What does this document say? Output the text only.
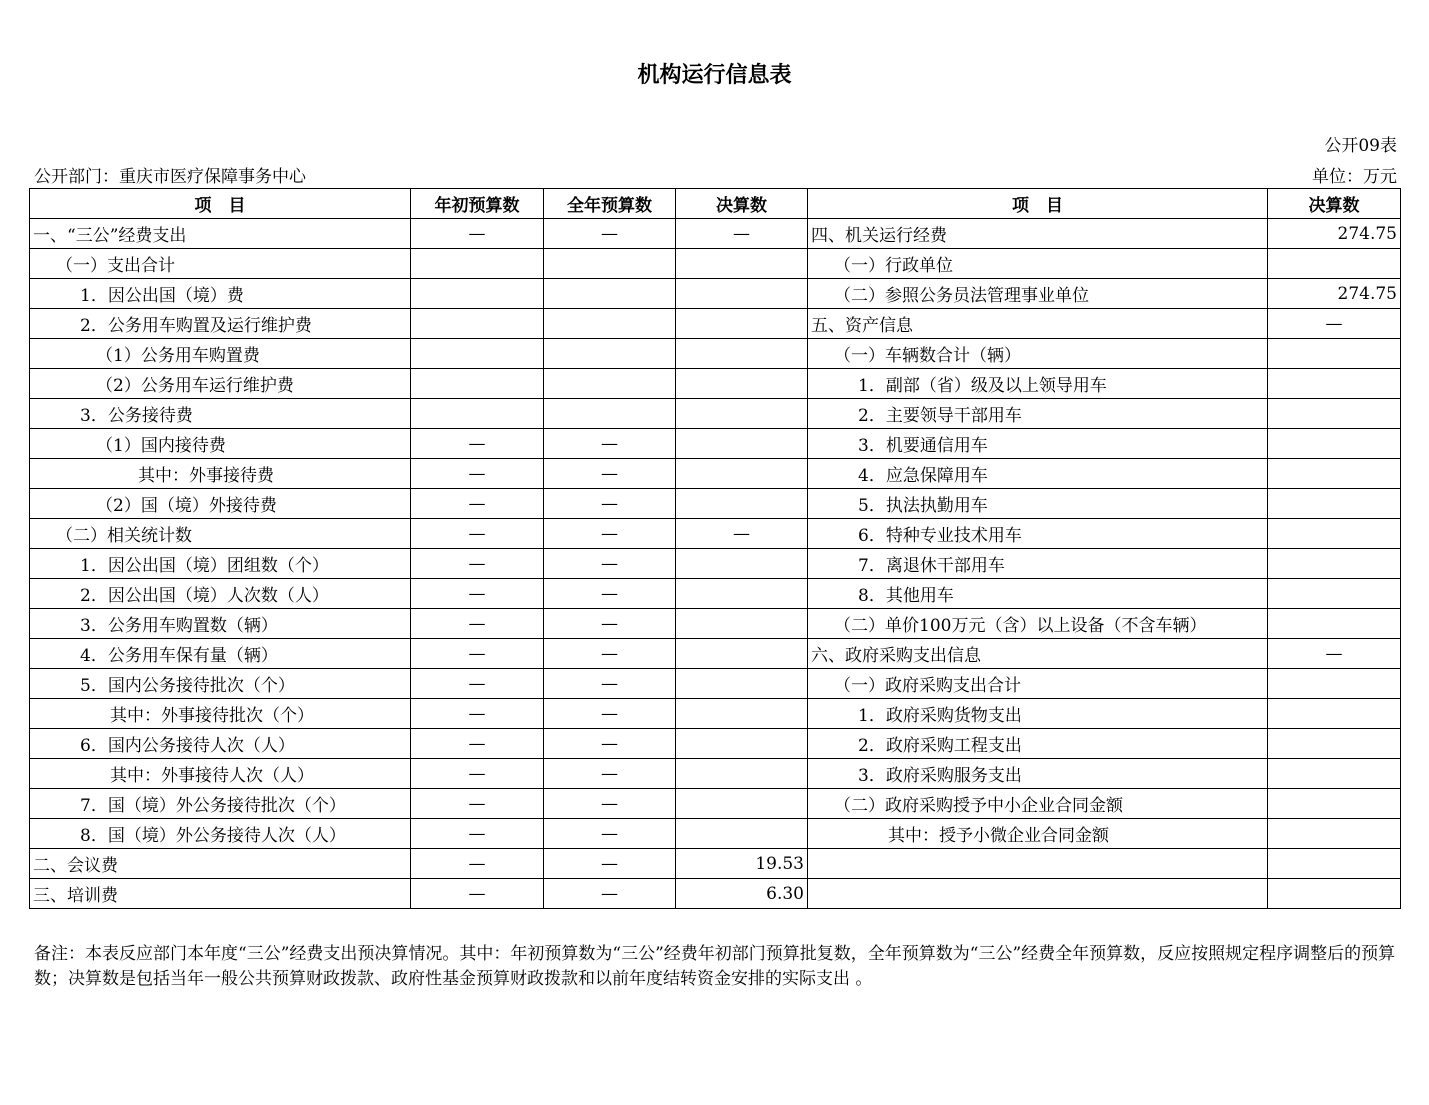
机构运行信息表
公开09表
公开部门：重庆市医疗保障事务中心	单位：万元
项　目	年初预算数	全年预算数	决算数	项　目	决算数
一、“三公”经费支出	—	—	—	四、机关运行经费	274.75
（一）支出合计				（一）行政单位	
1．因公出国（境）费				（二）参照公务员法管理事业单位	274.75
2．公务用车购置及运行维护费				五、资产信息	—
（1）公务用车购置费				（一）车辆数合计（辆）	
（2）公务用车运行维护费				1．副部（省）级及以上领导用车	
3．公务接待费				2．主要领导干部用车	
（1）国内接待费	—	—		3．机要通信用车	
其中：外事接待费	—	—		4．应急保障用车	
（2）国（境）外接待费	—	—		5．执法执勤用车	
（二）相关统计数	—	—	—	6．特种专业技术用车	
1．因公出国（境）团组数（个）	—	—		7．离退休干部用车	
2．因公出国（境）人次数（人）	—	—		8．其他用车	
3．公务用车购置数（辆）	—	—		（二）单价100万元（含）以上设备（不含车辆）	
4．公务用车保有量（辆）	—	—		六、政府采购支出信息	—
5．国内公务接待批次（个）	—	—		（一）政府采购支出合计	
其中：外事接待批次（个）	—	—		1．政府采购货物支出	
6．国内公务接待人次（人）	—	—		2．政府采购工程支出	
其中：外事接待人次（人）	—	—		3．政府采购服务支出	
7．国（境）外公务接待批次（个）	—	—		（二）政府采购授予中小企业合同金额	
8．国（境）外公务接待人次（人）	—	—		其中：授予小微企业合同金额	
二、会议费	—	—	19.53		
三、培训费	—	—	6.30		
备注：本表反应部门本年度“三公”经费支出预决算情况。其中：年初预算数为“三公”经费年初部门预算批复数，全年预算数为“三公”经费全年预算数，反应按照规定程序调整后的预算数；决算数是包括当年一般公共预算财政拨款、政府性基金预算财政拨款和以前年度结转资金安排的实际支出 。
